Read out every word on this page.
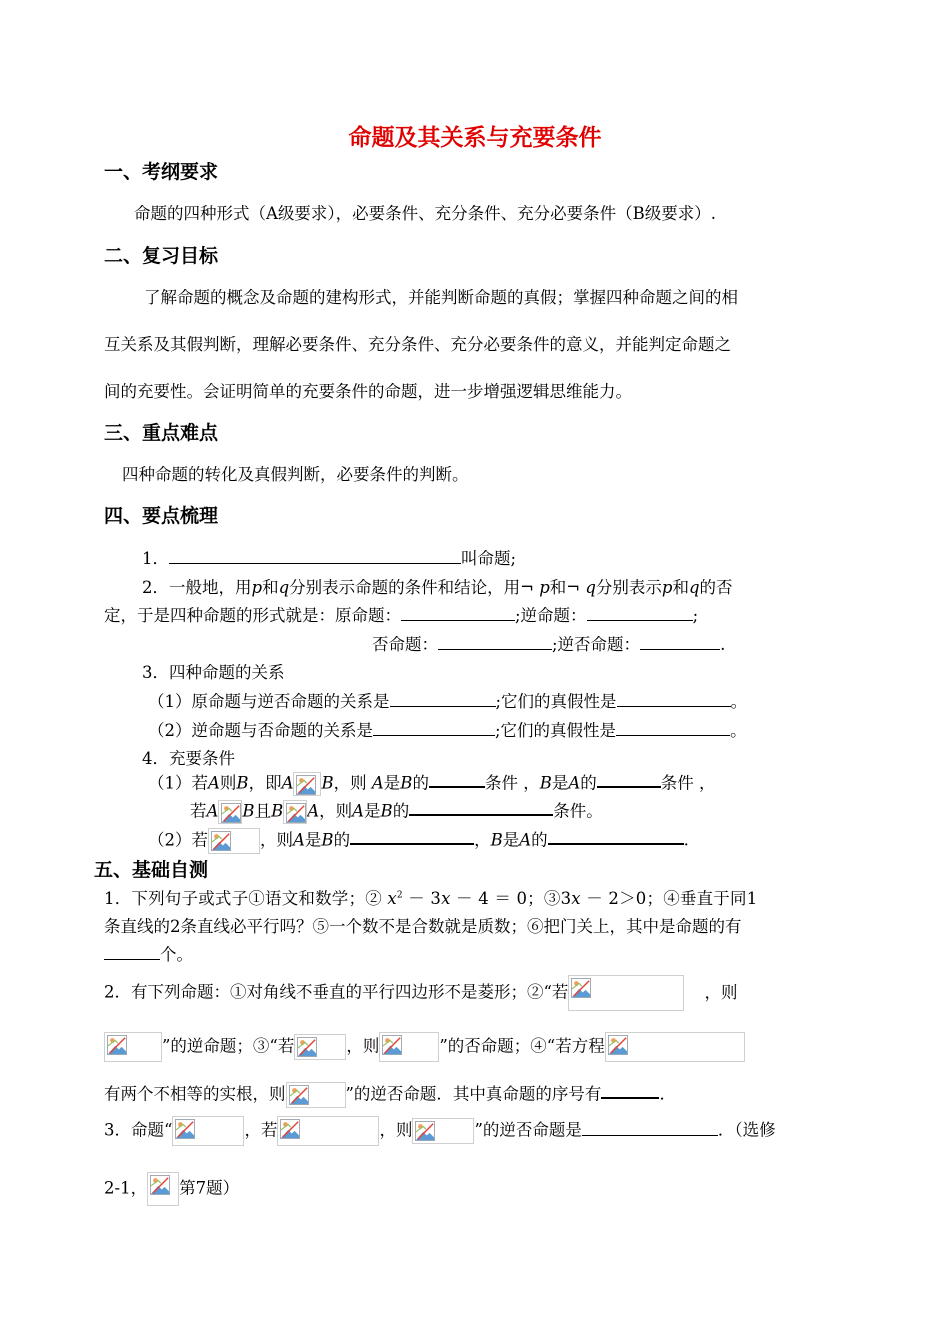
命题及其关系与充要条件
一、考纲要求
命题的四种形式（A级要求），必要条件、充分条件、充分必要条件（B级要求）.
二、复习目标
了解命题的概念及命题的建构形式，并能判断命题的真假；掌握四种命题之间的相
互关系及其假判断，理解必要条件、充分条件、充分必要条件的意义，并能判定命题之
间的充要性。会证明简单的充要条件的命题，进一步增强逻辑思维能力。
三、重点难点
四种命题的转化及真假判断，必要条件的判断。
四、要点梳理
1．	叫命题;
2．一般地，用p和q分别表示命题的条件和结论，用¬ p和¬ q分别表示p和q的否
定，于是四种命题的形式就是：原命题：	;逆命题：	;
否命题：	;逆否命题：	.
3．四种命题的关系
（1）原命题与逆否命题的关系是	;它们的真假性是	。
（2）逆命题与否命题的关系是	;它们的真假性是	。
4．充要条件
（1）若A则B，即A B，则 A是B的	条件 ，B是A的	条件 ，
若A B且B A，则A是B的	条件。
（2）若	，则A是B的	，B是A的	.
五、基础自测
1．下列句子或式子①语文和数学；② $x^2 - 3x - 4 = 0$；③3x － 2＞0；④垂直于同1
条直线的2条直线必平行吗？⑤一个数不是合数就是质数；⑥把门关上，其中是命题的有
个。
2．有下列命题：①对角线不垂直的平行四边形不是菱形；②“若	，则
”的逆命题；③“若	，则	”的否命题；④“若方程
有两个不相等的实根，则	”的逆否命题．其中真命题的序号有	．
3．命题“	，若	，则	”的逆否命题是	．（选修
2-1， 第7题）
